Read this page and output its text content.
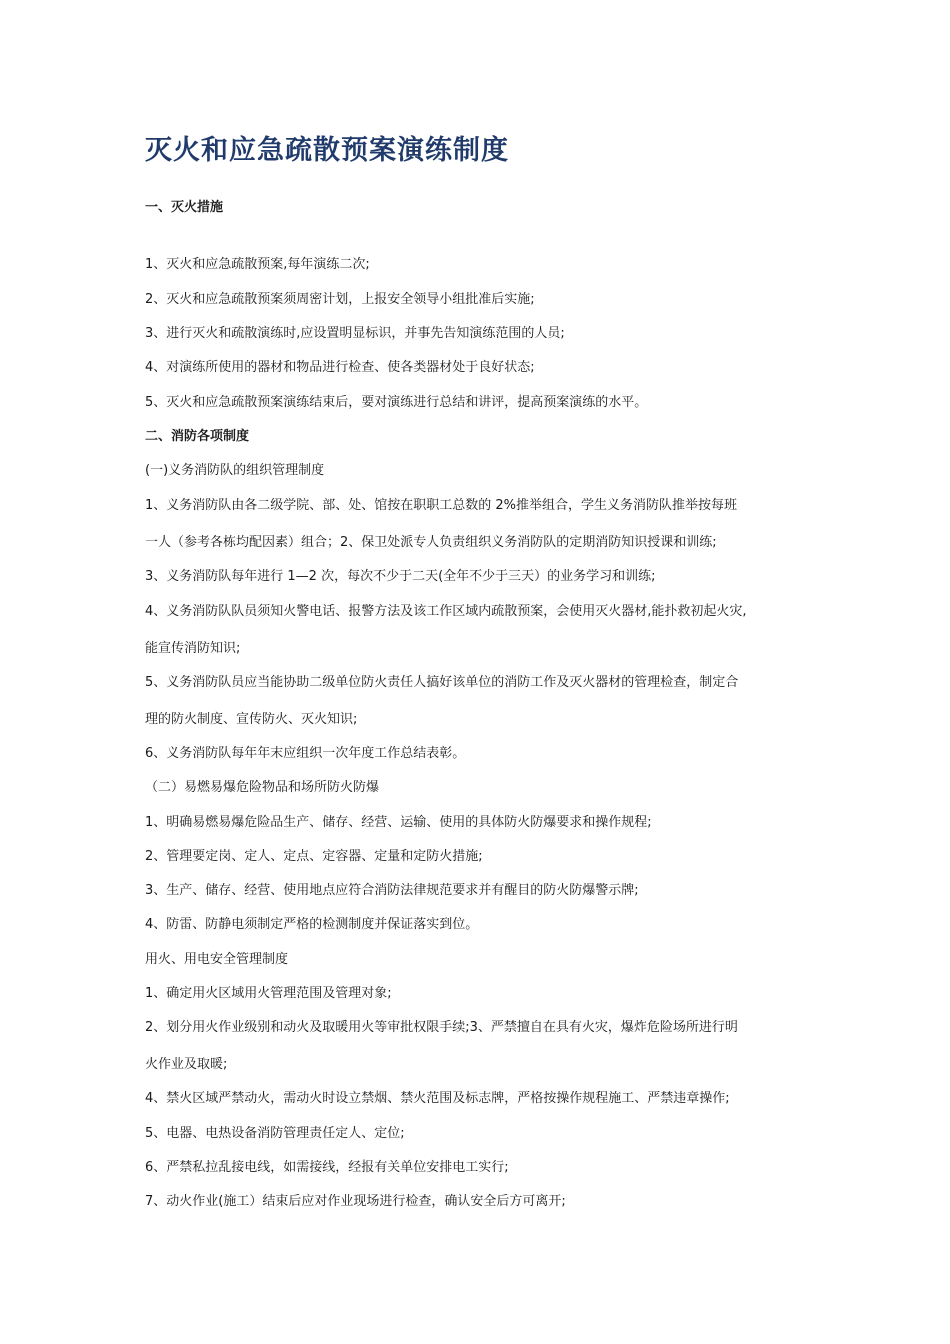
灭火和应急疏散预案演练制度
一、灭火措施
1、灭火和应急疏散预案,每年演练二次;
2、灭火和应急疏散预案须周密计划，上报安全领导小组批准后实施;
3、进行灭火和疏散演练时,应设置明显标识，并事先告知演练范围的人员;
4、对演练所使用的器材和物品进行检查、使各类器材处于良好状态;
5、灭火和应急疏散预案演练结束后，要对演练进行总结和讲评，提高预案演练的水平。
二、消防各项制度
(一)义务消防队的组织管理制度
1、义务消防队由各二级学院、部、处、馆按在职职工总数的 2%推举组合，学生义务消防队推举按每班
一人（参考各栋均配因素）组合；2、保卫处派专人负责组织义务消防队的定期消防知识授课和训练;
3、义务消防队每年进行 1—2 次，每次不少于二天(全年不少于三天）的业务学习和训练;
4、义务消防队队员须知火警电话、报警方法及该工作区域内疏散预案，会使用灭火器材,能扑救初起火灾,
能宣传消防知识;
5、义务消防队员应当能协助二级单位防火责任人搞好该单位的消防工作及灭火器材的管理检查，制定合
理的防火制度、宣传防火、灭火知识;
6、义务消防队每年年末应组织一次年度工作总结表彰。
（二）易燃易爆危险物品和场所防火防爆
1、明确易燃易爆危险品生产、储存、经营、运输、使用的具体防火防爆要求和操作规程;
2、管理要定岗、定人、定点、定容器、定量和定防火措施;
3、生产、储存、经营、使用地点应符合消防法律规范要求并有醒目的防火防爆警示牌;
4、防雷、防静电须制定严格的检测制度并保证落实到位。
用火、用电安全管理制度
1、确定用火区域用火管理范围及管理对象;
2、划分用火作业级别和动火及取暖用火等审批权限手续;3、严禁擅自在具有火灾，爆炸危险场所进行明
火作业及取暖;
4、禁火区域严禁动火，需动火时设立禁烟、禁火范围及标志牌，严格按操作规程施工、严禁违章操作;
5、电器、电热设备消防管理责任定人、定位;
6、严禁私拉乱接电线，如需接线，经报有关单位安排电工实行;
7、动火作业(施工）结束后应对作业现场进行检查，确认安全后方可离开;
